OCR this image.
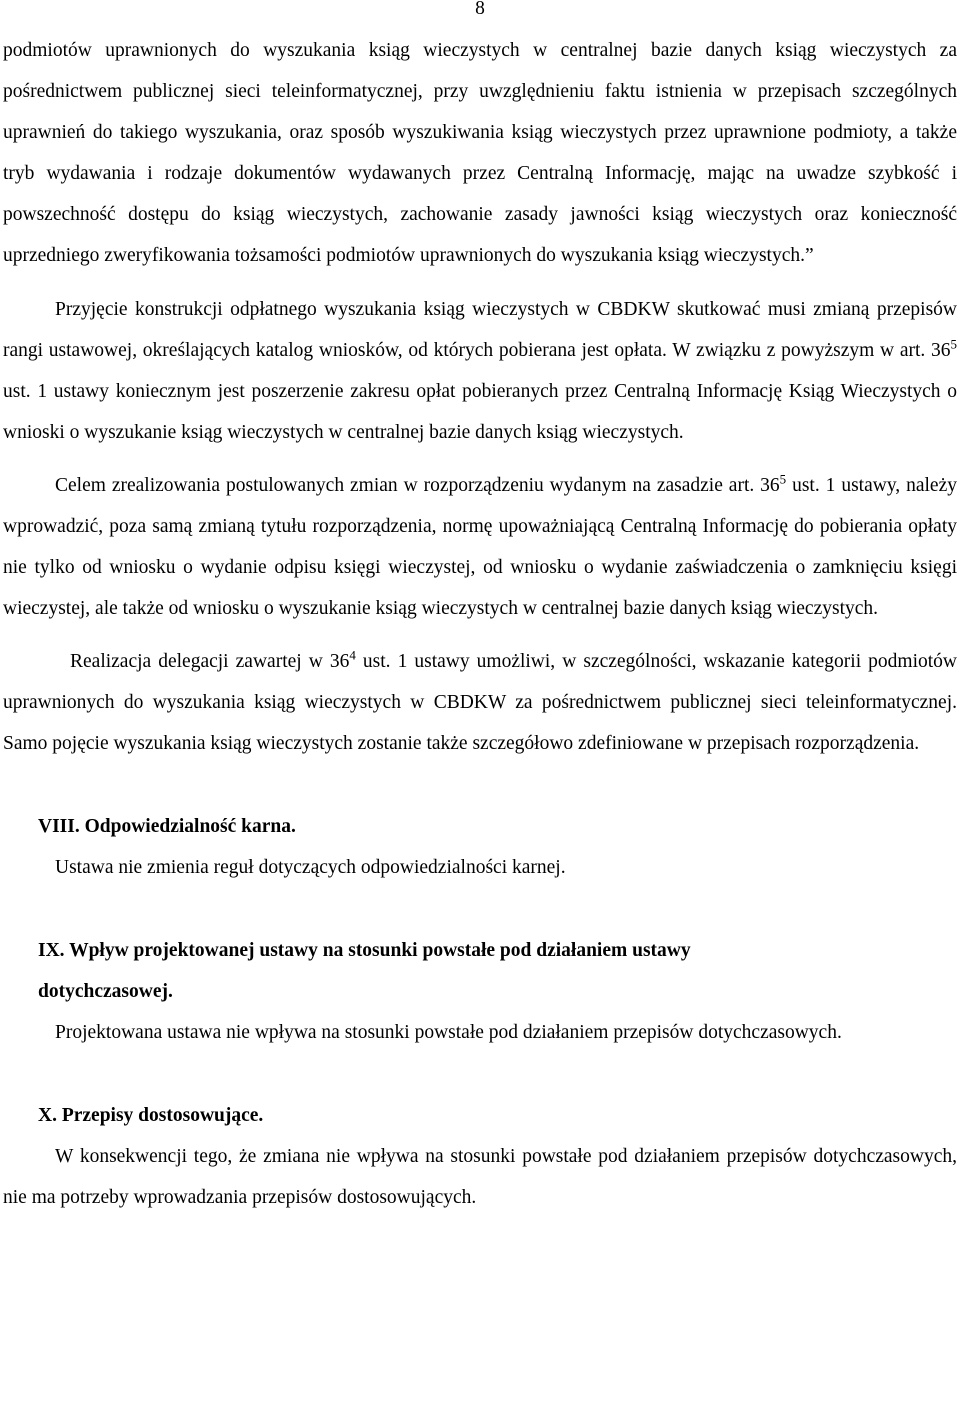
8

podmiotów uprawnionych do wyszukania ksiąg wieczystych w centralnej bazie danych ksiąg wieczystych za pośrednictwem publicznej sieci teleinformatycznej, przy uwzględnieniu faktu istnienia w przepisach szczególnych uprawnień do takiego wyszukania, oraz sposób wyszukiwania ksiąg wieczystych przez uprawnione podmioty, a także tryb wydawania i rodzaje dokumentów wydawanych przez Centralną Informację, mając na uwadze szybkość i powszechność dostępu do ksiąg wieczystych, zachowanie zasady jawności ksiąg wieczystych oraz konieczność uprzedniego zweryfikowania tożsamości podmiotów uprawnionych do wyszukania ksiąg wieczystych.”

Przyjęcie konstrukcji odpłatnego wyszukania ksiąg wieczystych w CBDKW skutkować musi zmianą przepisów rangi ustawowej, określających katalog wniosków, od których pobierana jest opłata. W związku z powyższym w art. $36^5$ ust. 1 ustawy koniecznym jest poszerzenie zakresu opłat pobieranych przez Centralną Informację Ksiąg Wieczystych o wnioski o wyszukanie ksiąg wieczystych w centralnej bazie danych ksiąg wieczystych.

Celem zrealizowania postulowanych zmian w rozporządzeniu wydanym na zasadzie art. $36^5$ ust. 1 ustawy, należy wprowadzić, poza samą zmianą tytułu rozporządzenia, normę upoważniającą Centralną Informację do pobierania opłaty nie tylko od wniosku o wydanie odpisu księgi wieczystej, od wniosku o wydanie zaświadczenia o zamknięciu księgi wieczystej, ale także od wniosku o wyszukanie ksiąg wieczystych w centralnej bazie danych ksiąg wieczystych.

Realizacja delegacji zawartej w $36^4$ ust. 1 ustawy umożliwi, w szczególności, wskazanie kategorii podmiotów uprawnionych do wyszukania ksiąg wieczystych w CBDKW za pośrednictwem publicznej sieci teleinformatycznej. Samo pojęcie wyszukania ksiąg wieczystych zostanie także szczegółowo zdefiniowane w przepisach rozporządzenia.

VIII. Odpowiedzialność karna.

Ustawa nie zmienia reguł dotyczących odpowiedzialności karnej.

IX. Wpływ projektowanej ustawy na stosunki powstałe pod działaniem ustawy
dotychczasowej.

Projektowana ustawa nie wpływa na stosunki powstałe pod działaniem przepisów dotychczasowych.

X. Przepisy dostosowujące.

W konsekwencji tego, że zmiana nie wpływa na stosunki powstałe pod działaniem przepisów dotychczasowych, nie ma potrzeby wprowadzania przepisów dostosowujących.
